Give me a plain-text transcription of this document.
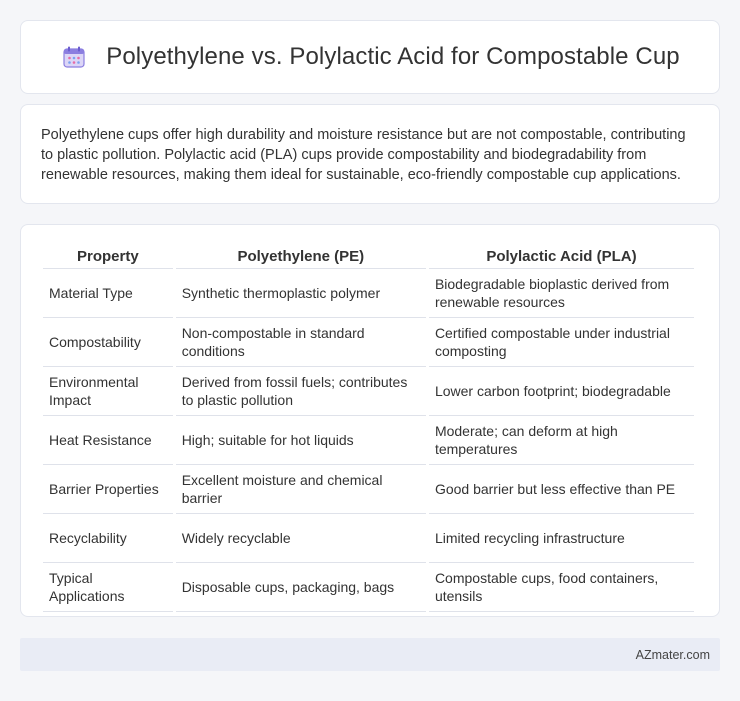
Polyethylene vs. Polylactic Acid for Compostable Cup

Polyethylene cups offer high durability and moisture resistance but are not compostable, contributing to plastic pollution. Polylactic acid (PLA) cups provide compostability and biodegradability from renewable resources, making them ideal for sustainable, eco-friendly compostable cup applications.

Property	Polyethylene (PE)	Polylactic Acid (PLA)
Material Type	Synthetic thermoplastic polymer	Biodegradable bioplastic derived from renewable resources
Compostability	Non-compostable in standard conditions	Certified compostable under industrial composting
Environmental Impact	Derived from fossil fuels; contributes to plastic pollution	Lower carbon footprint; biodegradable
Heat Resistance	High; suitable for hot liquids	Moderate; can deform at high temperatures
Barrier Properties	Excellent moisture and chemical barrier	Good barrier but less effective than PE
Recyclability	Widely recyclable	Limited recycling infrastructure
Typical Applications	Disposable cups, packaging, bags	Compostable cups, food containers, utensils
AZmater.com
